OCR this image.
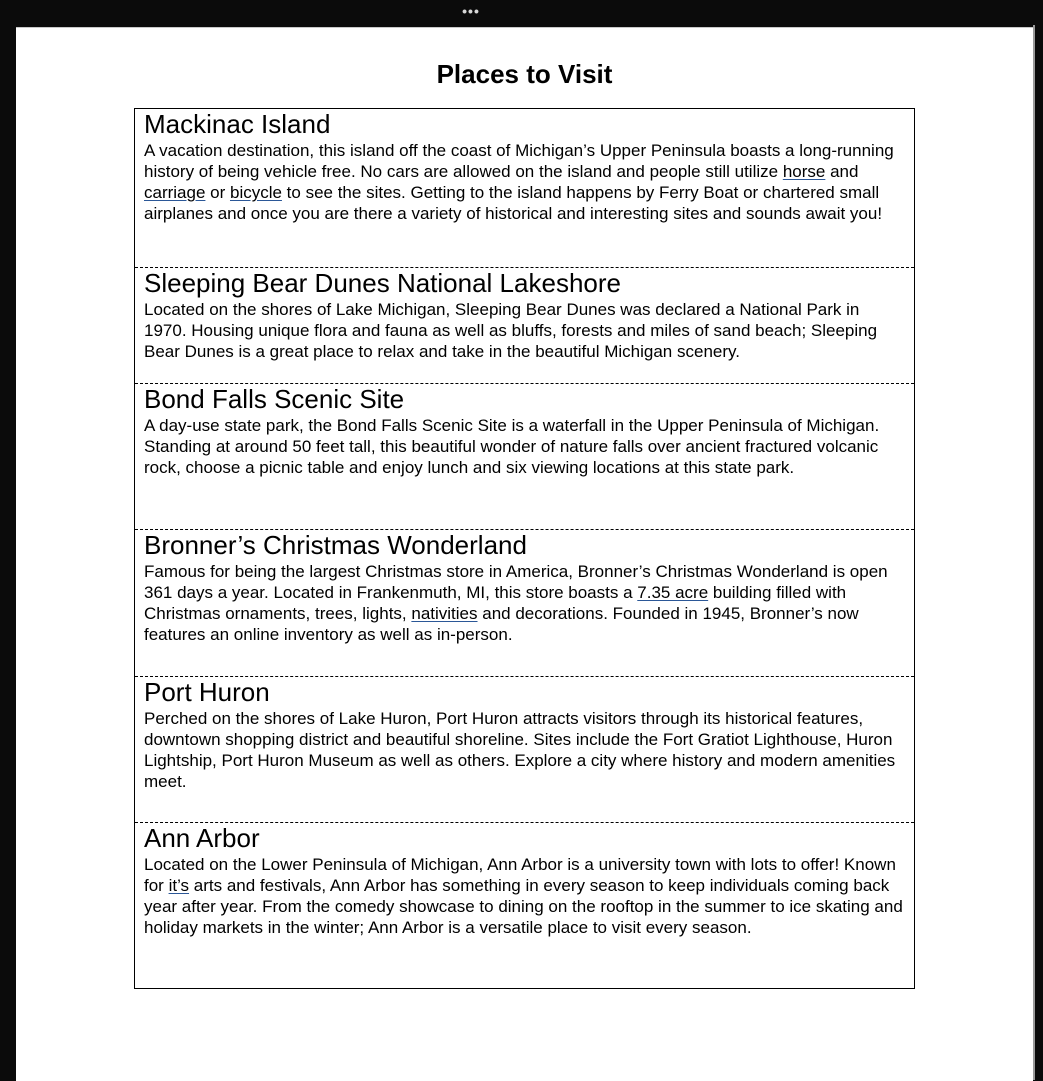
•••
Places to Visit
Mackinac Island

A vacation destination, this island off the coast of Michigan’s Upper Peninsula boasts a long-running history of being vehicle free. No cars are allowed on the island and people still utilize horse and carriage or bicycle to see the sites. Getting to the island happens by Ferry Boat or chartered small airplanes and once you are there a variety of historical and interesting sites and sounds await you!

Sleeping Bear Dunes National Lakeshore

Located on the shores of Lake Michigan, Sleeping Bear Dunes was declared a National Park in 1970. Housing unique flora and fauna as well as bluffs, forests and miles of sand beach; Sleeping Bear Dunes is a great place to relax and take in the beautiful Michigan scenery.

Bond Falls Scenic Site

A day-use state park, the Bond Falls Scenic Site is a waterfall in the Upper Peninsula of Michigan. Standing at around 50 feet tall, this beautiful wonder of nature falls over ancient fractured volcanic rock, choose a picnic table and enjoy lunch and six viewing locations at this state park.

Bronner’s Christmas Wonderland

Famous for being the largest Christmas store in America, Bronner’s Christmas Wonderland is open 361 days a year. Located in Frankenmuth, MI, this store boasts a 7.35 acre building filled with Christmas ornaments, trees, lights, nativities and decorations. Founded in 1945, Bronner’s now features an online inventory as well as in-person.

Port Huron

Perched on the shores of Lake Huron, Port Huron attracts visitors through its historical features, downtown shopping district and beautiful shoreline. Sites include the Fort Gratiot Lighthouse, Huron Lightship, Port Huron Museum as well as others. Explore a city where history and modern amenities meet.

Ann Arbor

Located on the Lower Peninsula of Michigan, Ann Arbor is a university town with lots to offer! Known for it’s arts and festivals, Ann Arbor has something in every season to keep individuals coming back year after year. From the comedy showcase to dining on the rooftop in the summer to ice skating and holiday markets in the winter; Ann Arbor is a versatile place to visit every season.
